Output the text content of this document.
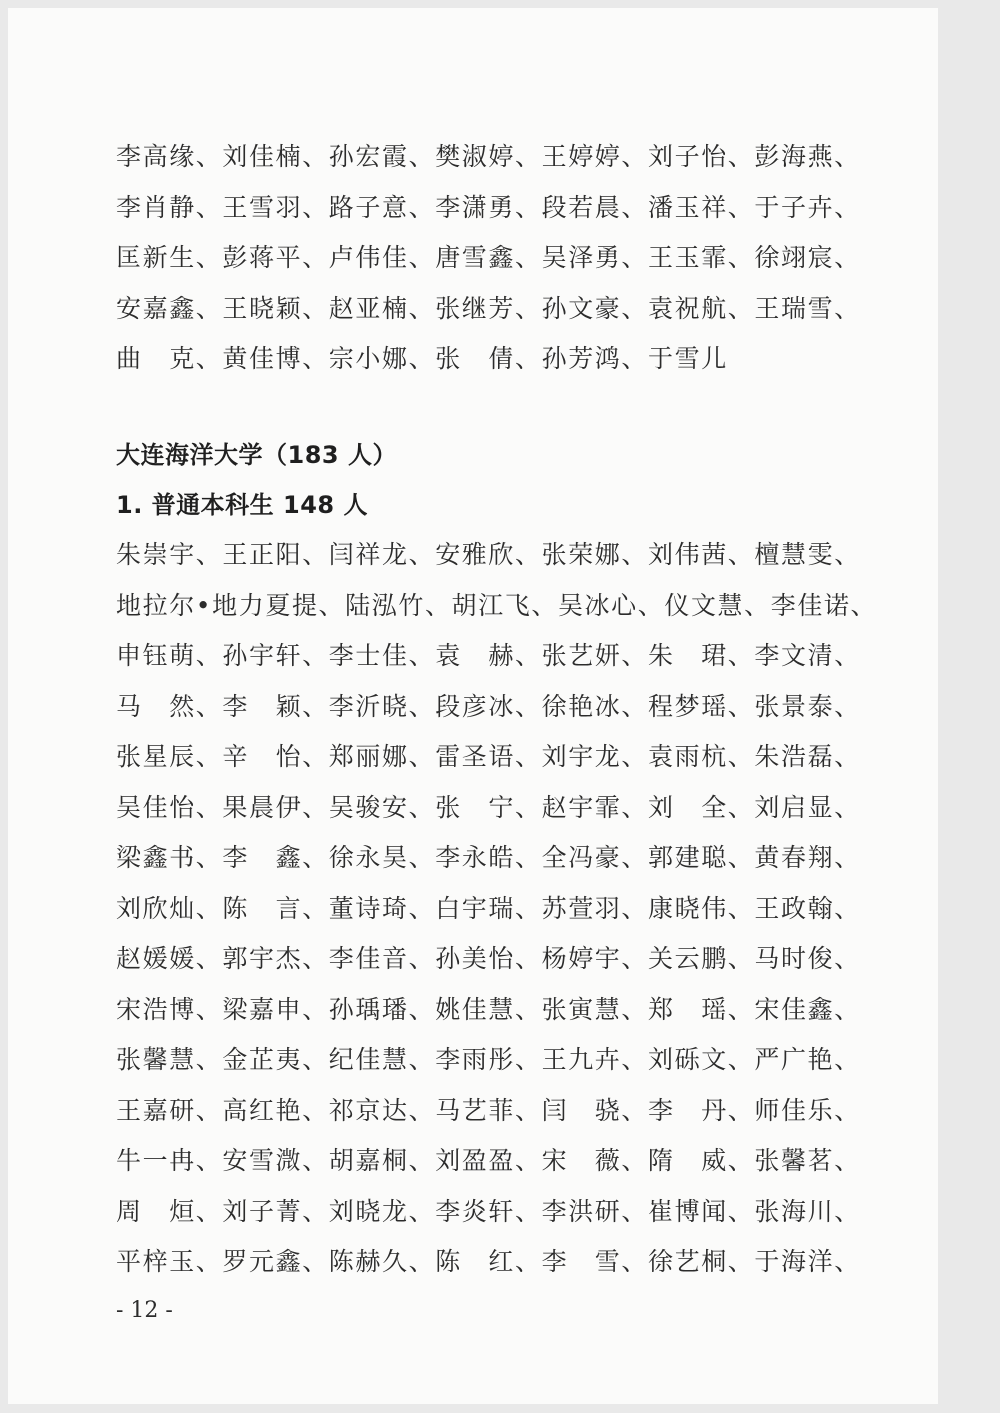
李高缘、刘佳楠、孙宏霞、樊淑婷、王婷婷、刘子怡、彭海燕、
李肖静、王雪羽、路子意、李潇勇、段若晨、潘玉祥、于子卉、
匡新生、彭蒋平、卢伟佳、唐雪鑫、吴泽勇、王玉霏、徐翊宸、
安嘉鑫、王晓颖、赵亚楠、张继芳、孙文豪、袁祝航、王瑞雪、
曲　克、黄佳博、宗小娜、张　倩、孙芳鸿、于雪儿
大连海洋大学（183 人）
1. 普通本科生 148 人
朱崇宇、王正阳、闫祥龙、安雅欣、张荣娜、刘伟茜、檀慧雯、
地拉尔•地力夏提、陆泓竹、胡江飞、吴冰心、仪文慧、李佳诺、
申钰萌、孙宇轩、李士佳、袁　赫、张艺妍、朱　珺、李文清、
马　然、李　颖、李沂晓、段彦冰、徐艳冰、程梦瑶、张景泰、
张星辰、辛　怡、郑丽娜、雷圣语、刘宇龙、袁雨杭、朱浩磊、
吴佳怡、果晨伊、吴骏安、张　宁、赵宇霏、刘　全、刘启显、
梁鑫书、李　鑫、徐永昊、李永皓、全冯豪、郭建聪、黄春翔、
刘欣灿、陈　言、董诗琦、白宇瑞、苏萱羽、康晓伟、王政翰、
赵媛媛、郭宇杰、李佳音、孙美怡、杨婷宇、关云鹏、马时俊、
宋浩博、梁嘉申、孙瑀璠、姚佳慧、张寅慧、郑　瑶、宋佳鑫、
张馨慧、金芷夷、纪佳慧、李雨彤、王九卉、刘砾文、严广艳、
王嘉研、高红艳、祁京达、马艺菲、闫　骁、李　丹、师佳乐、
牛一冉、安雪溦、胡嘉桐、刘盈盈、宋　薇、隋　威、张馨茗、
周　烜、刘子菁、刘晓龙、李炎轩、李洪研、崔博闻、张海川、
平梓玉、罗元鑫、陈赫久、陈　红、李　雪、徐艺桐、于海洋、
- 12 -
